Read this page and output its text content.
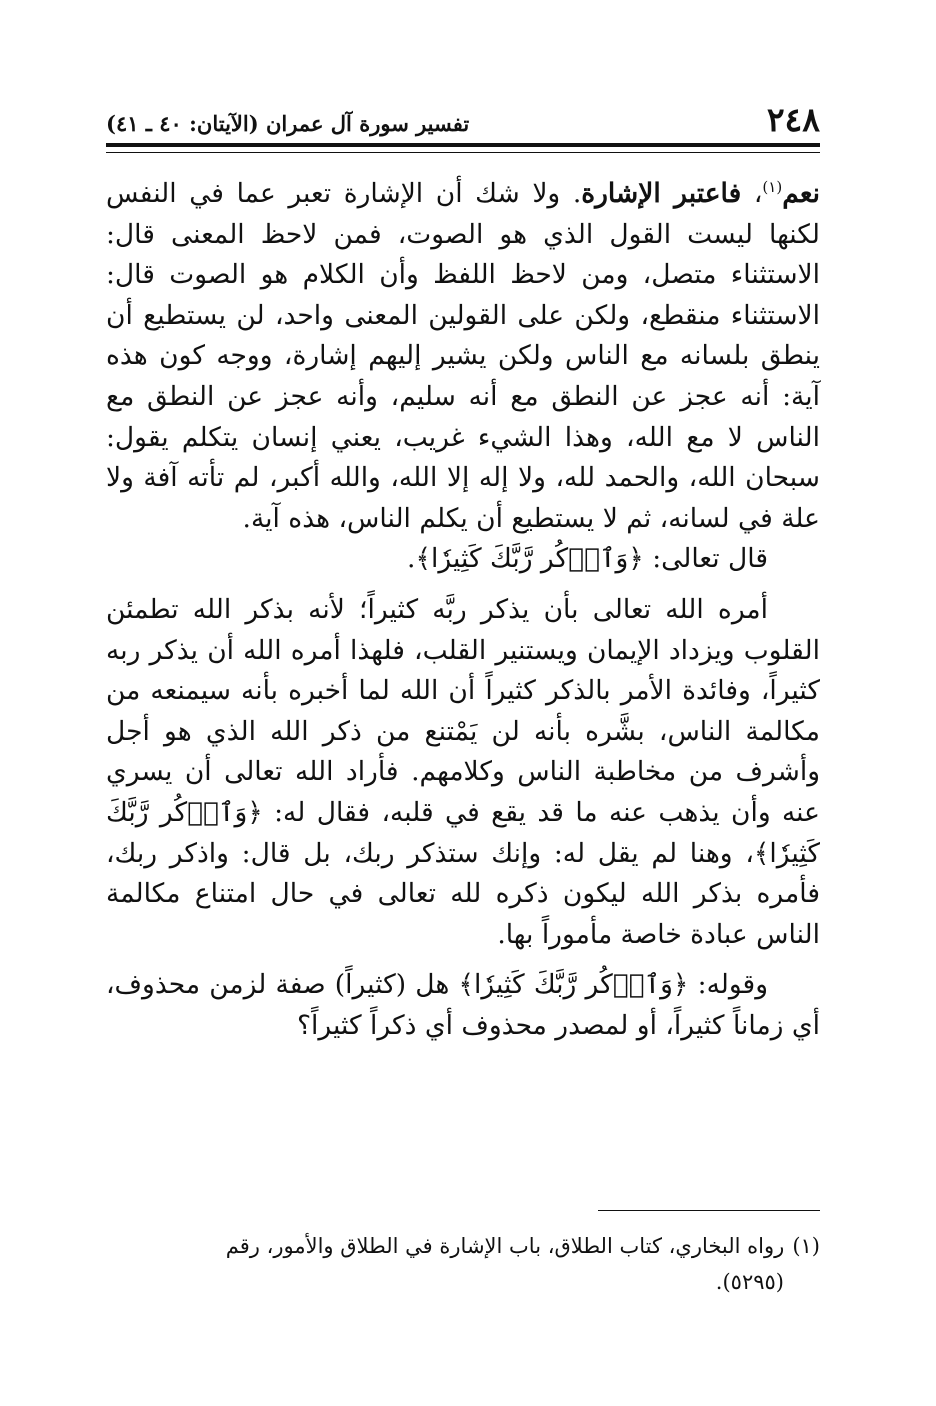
٢٤٨
تفسير سورة آل عمران (الآيتان: ٤٠ ـ ٤١)

نعم$^{(١)}$، فاعتبر الإشارة. ولا شك أن الإشارة تعبر عما في النفس لكنها ليست القول الذي هو الصوت، فمن لاحظ المعنى قال: الاستثناء متصل، ومن لاحظ اللفظ وأن الكلام هو الصوت قال: الاستثناء منقطع، ولكن على القولين المعنى واحد، لن يستطيع أن ينطق بلسانه مع الناس ولكن يشير إليهم إشارة، ووجه كون هذه آية: أنه عجز عن النطق مع أنه سليم، وأنه عجز عن النطق مع الناس لا مع الله، وهذا الشيء غريب، يعني إنسان يتكلم يقول: سبحان الله، والحمد لله، ولا إله إلا الله، والله أكبر، لم تأته آفة ولا علة في لسانه، ثم لا يستطيع أن يكلم الناس، هذه آية.

قال تعالى: ﴿وَٱذۡكُر رَّبَّكَ كَثِيرٗا﴾.

أمره الله تعالى بأن يذكر ربَّه كثيراً؛ لأنه بذكر الله تطمئن القلوب ويزداد الإيمان ويستنير القلب، فلهذا أمره الله أن يذكر ربه كثيراً، وفائدة الأمر بالذكر كثيراً أن الله لما أخبره بأنه سيمنعه من مكالمة الناس، بشَّره بأنه لن يَمْتنع من ذكر الله الذي هو أجل وأشرف من مخاطبة الناس وكلامهم. فأراد الله تعالى أن يسري عنه وأن يذهب عنه ما قد يقع في قلبه، فقال له: ﴿وَٱذۡكُر رَّبَّكَ كَثِيرٗا﴾، وهنا لم يقل له: وإنك ستذكر ربك، بل قال: واذكر ربك، فأمره بذكر الله ليكون ذكره لله تعالى في حال امتناع مكالمة الناس عبادة خاصة مأموراً بها.

وقوله: ﴿وَٱذۡكُر رَّبَّكَ كَثِيرٗا﴾ هل (كثيراً) صفة لزمن محذوف، أي زماناً كثيراً، أو لمصدر محذوف أي ذكراً كثيراً؟

(١)رواه البخاري، كتاب الطلاق، باب الإشارة في الطلاق والأمور، رقم

(٥٢٩٥).
